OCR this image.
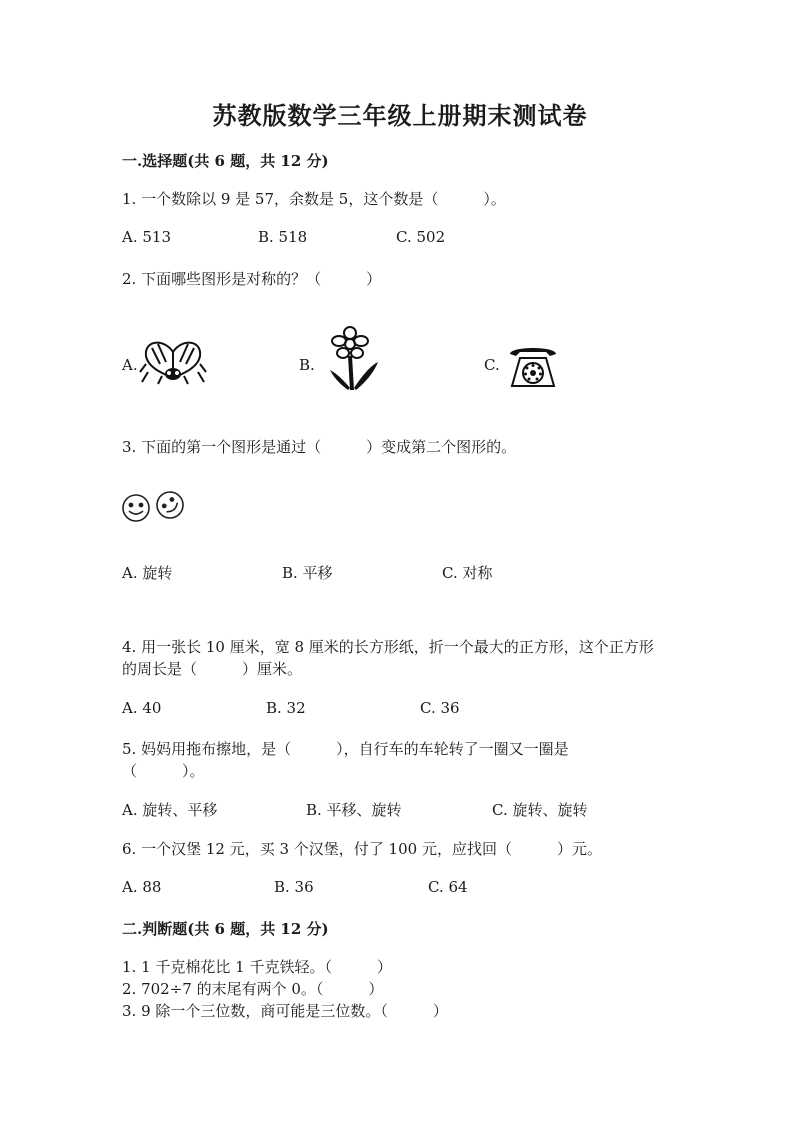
苏教版数学三年级上册期末测试卷
一.选择题(共 6 题，共 12 分)
1. 一个数除以 9 是 57，余数是 5，这个数是（　　　）。
A. 513	B. 518	C. 502
2. 下面哪些图形是对称的？（　　　）
A.	B.	C.
3. 下面的第一个图形是通过（　　　）变成第二个图形的。
A. 旋转	B. 平移	C. 对称
4. 用一张长 10 厘米，宽 8 厘米的长方形纸，折一个最大的正方形，这个正方形
的周长是（　　　）厘米。
A. 40	B. 32	C. 36
5. 妈妈用拖布擦地，是（　　　），自行车的车轮转了一圈又一圈是
（　　　）。
A. 旋转、平移	B. 平移、旋转	C. 旋转、旋转
6. 一个汉堡 12 元，买 3 个汉堡，付了 100 元，应找回（　　　）元。
A. 88	B. 36	C. 64
二.判断题(共 6 题，共 12 分)
1. 1 千克棉花比 1 千克铁轻。（　　　）
2. 702÷7 的末尾有两个 0。（　　　）
3. 9 除一个三位数，商可能是三位数。（　　　）
